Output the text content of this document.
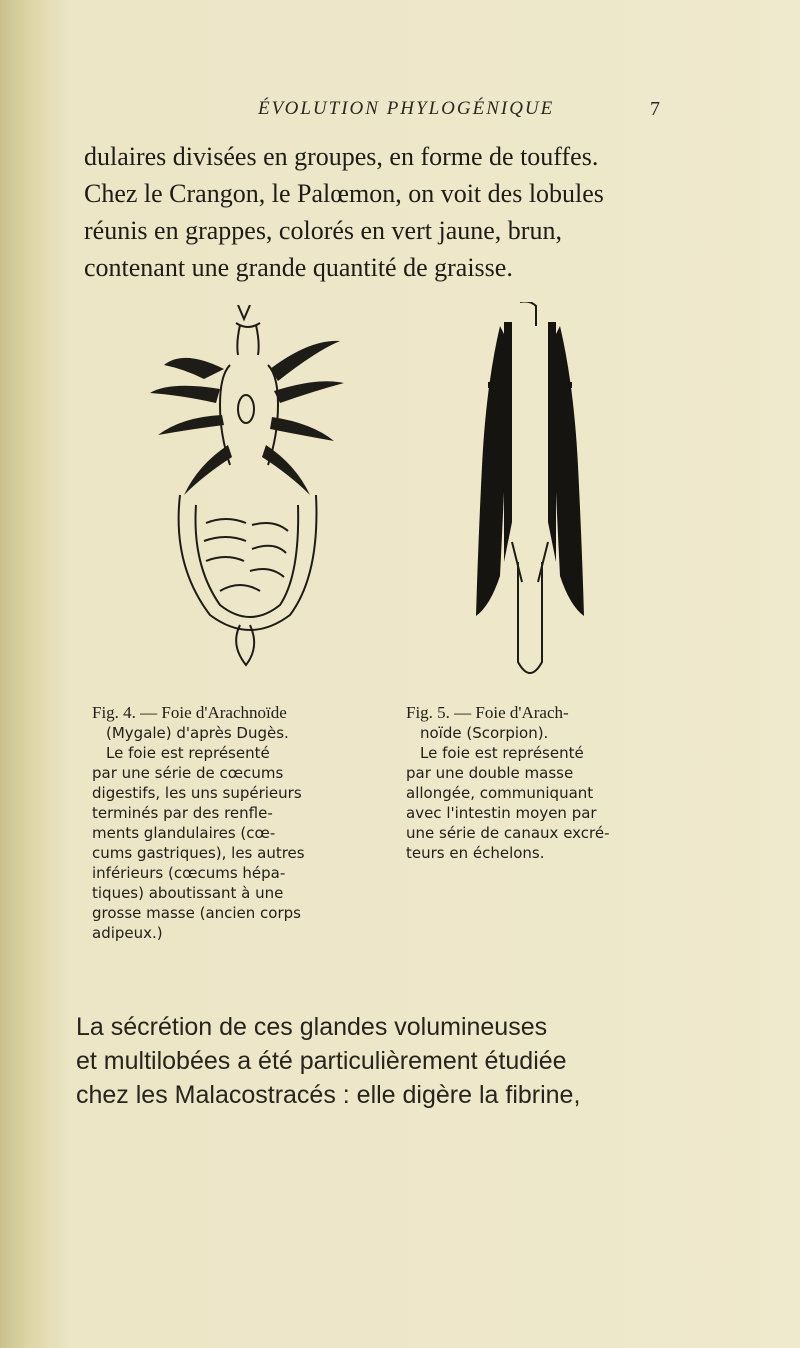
ÉVOLUTION PHYLOGÉNIQUE	7

dulaires divisées en groupes, en forme de touffes.
Chez le Crangon, le Palœmon, on voit des lobules
réunis en grappes, colorés en vert jaune, brun,
contenant une grande quantité de graisse.

Fig. 4. — Foie d'Arachnoïde
(Mygale) d'après Dugès.
Le foie est représenté
par une série de cœcums
digestifs, les uns supérieurs
terminés par des renfle-
ments glandulaires (cœ-
cums gastriques), les autres
inférieurs (cœcums hépa-
tiques) aboutissant à une
grosse masse (ancien corps
adipeux.)
Fig. 5. — Foie d'Arach-
noïde (Scorpion).
Le foie est représenté
par une double masse
allongée, communiquant
avec l'intestin moyen par
une série de canaux excré-
teurs en échelons.

La sécrétion de ces glandes volumineuses
et multilobées a été particulièrement étudiée
chez les Malacostracés : elle digère la fibrine,
